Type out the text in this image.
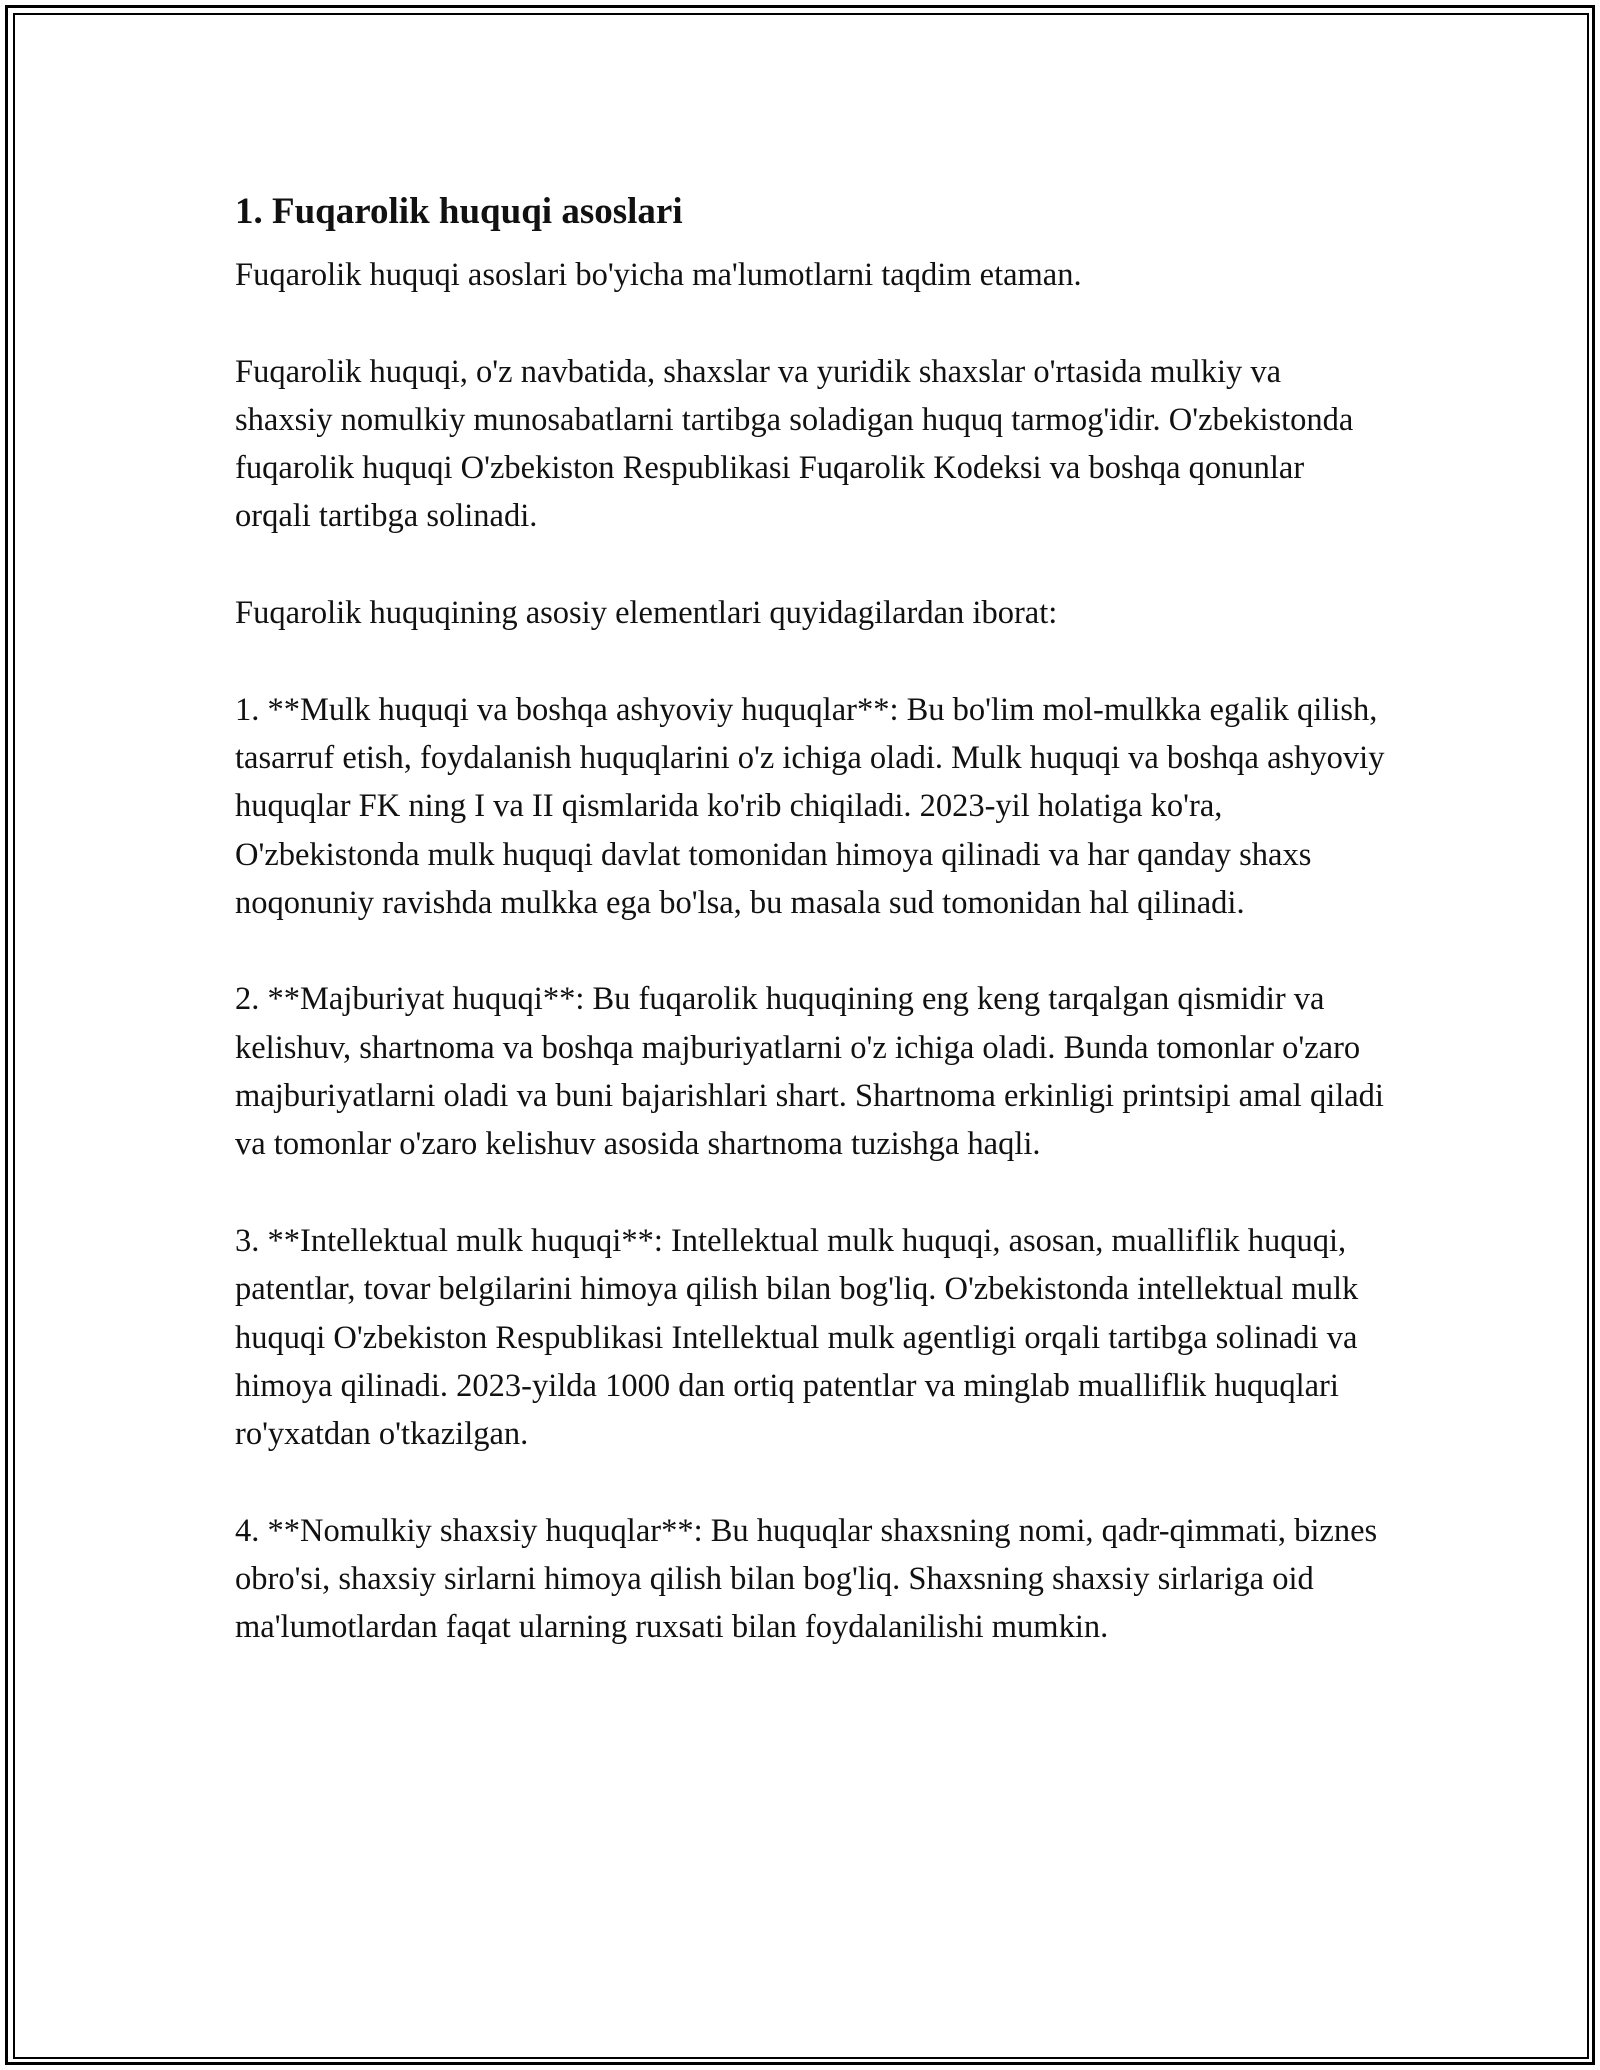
1. Fuqarolik huquqi asoslari

Fuqarolik huquqi asoslari bo'yicha ma'lumotlarni taqdim etaman.

Fuqarolik huquqi, o'z navbatida, shaxslar va yuridik shaxslar o'rtasida mulkiy va shaxsiy nomulkiy munosabatlarni tartibga soladigan huquq tarmog'idir. O'zbekistonda fuqarolik huquqi O'zbekiston Respublikasi Fuqarolik Kodeksi va boshqa qonunlar orqali tartibga solinadi.

Fuqarolik huquqining asosiy elementlari quyidagilardan iborat:

1. **Mulk huquqi va boshqa ashyoviy huquqlar**: Bu bo'lim mol-mulkka egalik qilish, tasarruf etish, foydalanish huquqlarini o'z ichiga oladi. Mulk huquqi va boshqa ashyoviy huquqlar FK ning I va II qismlarida ko'rib chiqiladi. 2023-yil holatiga ko'ra, O'zbekistonda mulk huquqi davlat tomonidan himoya qilinadi va har qanday shaxs noqonuniy ravishda mulkka ega bo'lsa, bu masala sud tomonidan hal qilinadi.

2. **Majburiyat huquqi**: Bu fuqarolik huquqining eng keng tarqalgan qismidir va kelishuv, shartnoma va boshqa majburiyatlarni o'z ichiga oladi. Bunda tomonlar o'zaro majburiyatlarni oladi va buni bajarishlari shart. Shartnoma erkinligi printsipi amal qiladi va tomonlar o'zaro kelishuv asosida shartnoma tuzishga haqli.

3. **Intellektual mulk huquqi**: Intellektual mulk huquqi, asosan, mualliflik huquqi, patentlar, tovar belgilarini himoya qilish bilan bog'liq. O'zbekistonda intellektual mulk huquqi O'zbekiston Respublikasi Intellektual mulk agentligi orqali tartibga solinadi va himoya qilinadi. 2023-yilda 1000 dan ortiq patentlar va minglab mualliflik huquqlari ro'yxatdan o'tkazilgan.

4. **Nomulkiy shaxsiy huquqlar**: Bu huquqlar shaxsning nomi, qadr-qimmati, biznes obro'si, shaxsiy sirlarni himoya qilish bilan bog'liq. Shaxsning shaxsiy sirlariga oid ma'lumotlardan faqat ularning ruxsati bilan foydalanilishi mumkin.
